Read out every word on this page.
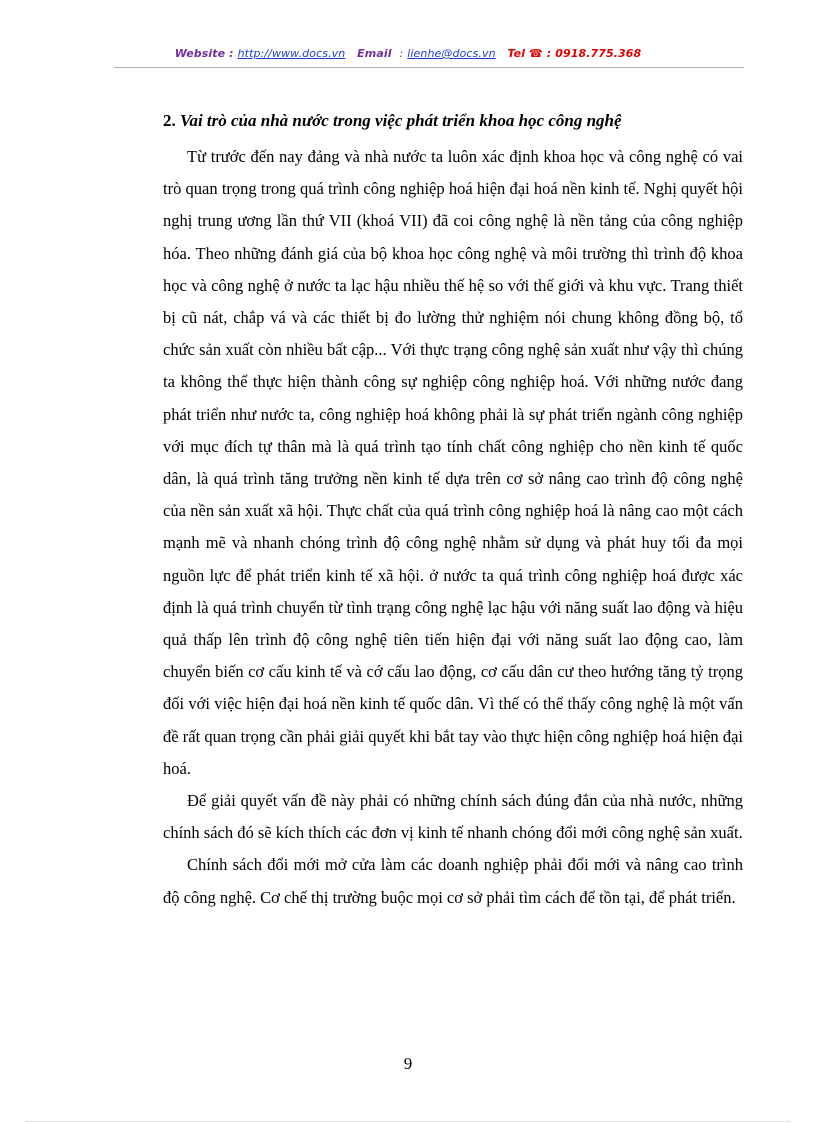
Website : http://www.docs.vn Email : lienhe@docs.vn Tel ☎ : 0918.775.368
2. Vai trò của nhà nước trong việc phát triển khoa học công nghệ

Từ trước đến nay đảng và nhà nước ta luôn xác định khoa học và công nghệ có vai trò quan trọng trong quá trình công nghiệp hoá hiện đại hoá nền kinh tế. Nghị quyết hội nghị trung ương lần thứ VII (khoá VII) đã coi công nghệ là nền tảng của công nghiệp hóa. Theo những đánh giá của bộ khoa học công nghệ và môi trường thì trình độ khoa học và công nghệ ở nước ta lạc hậu nhiều thế hệ so với thế giới và khu vực. Trang thiết bị cũ nát, chắp vá và các thiết bị đo lường thử nghiệm nói chung không đồng bộ, tổ chức sản xuất còn nhiều bất cập... Với thực trạng công nghệ sản xuất như vậy thì chúng ta không thể thực hiện thành công sự nghiệp công nghiệp hoá. Với những nước đang phát triển như nước ta, công nghiệp hoá không phải là sự phát triển ngành công nghiệp với mục đích tự thân mà là quá trình tạo tính chất công nghiệp cho nền kinh tế quốc dân, là quá trình tăng trưởng nền kinh tế dựa trên cơ sở nâng cao trình độ công nghệ của nền sản xuất xã hội. Thực chất của quá trình công nghiệp hoá là nâng cao một cách mạnh mẽ và nhanh chóng trình độ công nghệ nhằm sử dụng và phát huy tối đa mọi nguồn lực để phát triển kinh tế xã hội. ở nước ta quá trình công nghiệp hoá được xác định là quá trình chuyển từ tình trạng công nghệ lạc hậu với năng suất lao động và hiệu quả thấp lên trình độ công nghệ tiên tiến hiện đại với năng suất lao động cao, làm chuyển biến cơ cấu kinh tế và cớ cấu lao động, cơ cấu dân cư theo hướng tăng tỷ trọng đối với việc hiện đại hoá nền kinh tế quốc dân. Vì thế có thể thấy công nghệ là một vấn đề rất quan trọng cần phải giải quyết khi bắt tay vào thực hiện công nghiệp hoá hiện đại hoá.

Để giải quyết vấn đề này phải có những chính sách đúng đắn của nhà nước, những chính sách đó sẽ kích thích các đơn vị kinh tế nhanh chóng đổi mới công nghệ sản xuất.

Chính sách đổi mới mở cửa làm các doanh nghiệp phải đổi mới và nâng cao trình độ công nghệ. Cơ chế thị trường buộc mọi cơ sở phải tìm cách để tồn tại, để phát triển.

9
